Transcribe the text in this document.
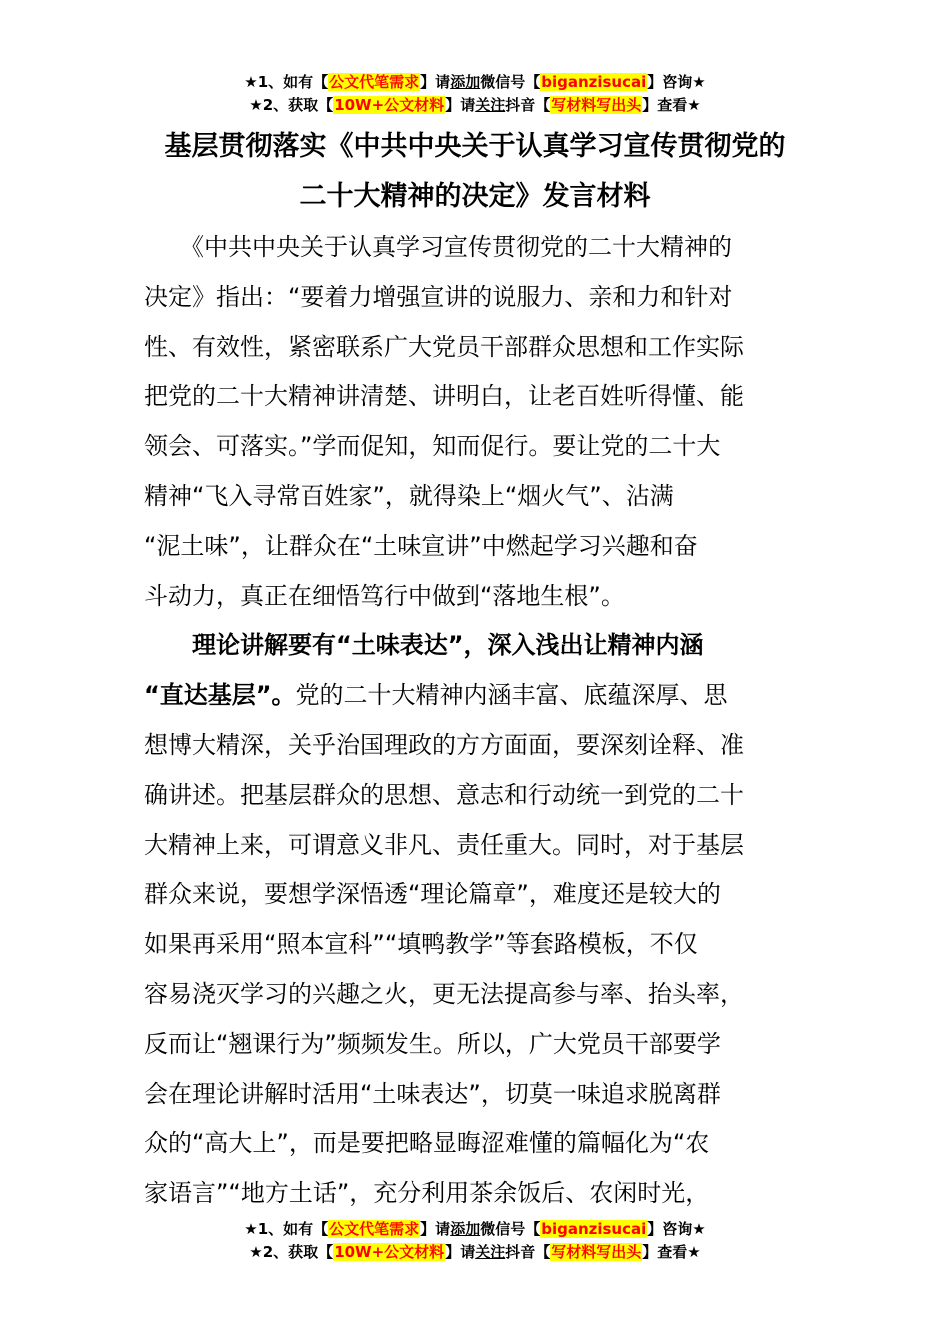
★1、如有【公文代笔需求】请添加微信号【biganzisucai】咨询★
★2、获取【10W+公文材料】请关注抖音【写材料写出头】查看★
基层贯彻落实《中共中央关于认真学习宣传贯彻党的
二十大精神的决定》发言材料
　　《中共中央关于认真学习宣传贯彻党的二十大精神的
决定》指出：“要着力增强宣讲的说服力、亲和力和针对
性、有效性，紧密联系广大党员干部群众思想和工作实际
把党的二十大精神讲清楚、讲明白，让老百姓听得懂、能
领会、可落实。”学而促知，知而促行。要让党的二十大
精神“飞入寻常百姓家”，就得染上“烟火气”、沾满
“泥土味”，让群众在“土味宣讲”中燃起学习兴趣和奋
斗动力，真正在细悟笃行中做到“落地生根”。
　　理论讲解要有“土味表达”，深入浅出让精神内涵
“直达基层”。党的二十大精神内涵丰富、底蕴深厚、思
想博大精深，关乎治国理政的方方面面，要深刻诠释、准
确讲述。把基层群众的思想、意志和行动统一到党的二十
大精神上来，可谓意义非凡、责任重大。同时，对于基层
群众来说，要想学深悟透“理论篇章”，难度还是较大的
如果再采用“照本宣科”“填鸭教学”等套路模板，不仅
容易浇灭学习的兴趣之火，更无法提高参与率、抬头率，
反而让“翘课行为”频频发生。所以，广大党员干部要学
会在理论讲解时活用“土味表达”，切莫一味追求脱离群
众的“高大上”，而是要把略显晦涩难懂的篇幅化为“农
家语言”“地方土话”，充分利用茶余饭后、农闲时光，
★1、如有【公文代笔需求】请添加微信号【biganzisucai】咨询★
★2、获取【10W+公文材料】请关注抖音【写材料写出头】查看★
